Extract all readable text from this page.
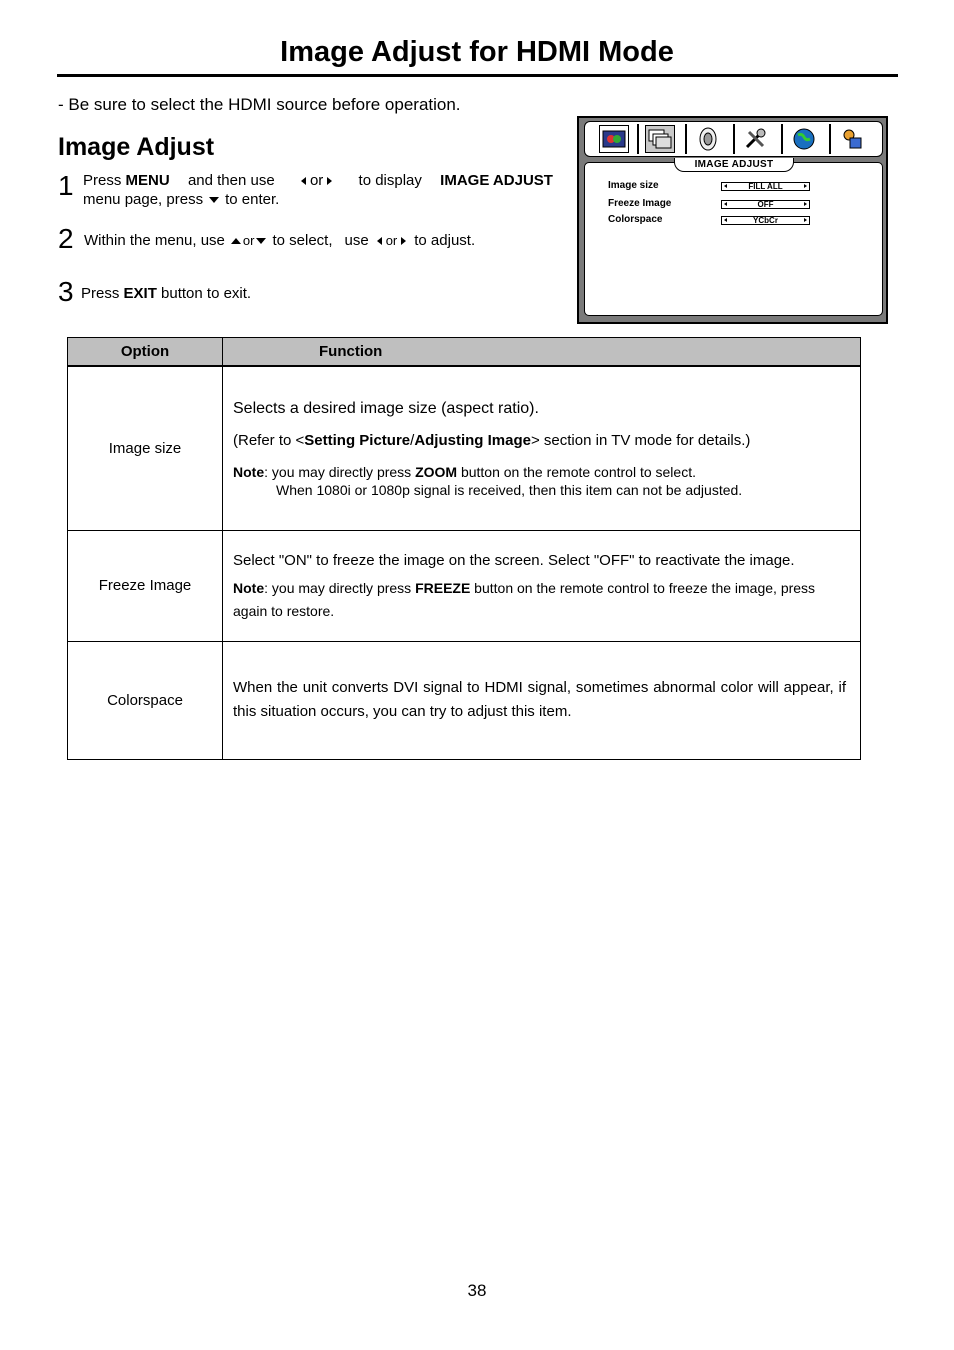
Image Adjust for HDMI Mode
- Be sure to select the HDMI source before operation.
Image Adjust
1 Press MENU and then use	or	to display IMAGE ADJUST
menu page, press to enter.
2 Within the menu, use or to select, use or to adjust.
3 Press EXIT button to exit.
IMAGE ADJUST
Image size	FILL ALL
Freeze Image	OFF
Colorspace	YCbCr
Option	Function
Image size	Selects a desired image size (aspect ratio).
(Refer to <Setting Picture/Adjusting Image> section in TV mode for details.)
Note: you may directly press ZOOM button on the remote control to select.
When 1080i or 1080p signal is received, then this item can not be adjusted.

Freeze Image	Select "ON" to freeze the image on the screen. Select "OFF" to reactivate the image.
Note: you may directly press FREEZE button on the remote control to freeze the image, press again to restore.

Colorspace	When the unit converts DVI signal to HDMI signal, sometimes abnormal color will appear, if this situation occurs, you can try to adjust this item.
38
